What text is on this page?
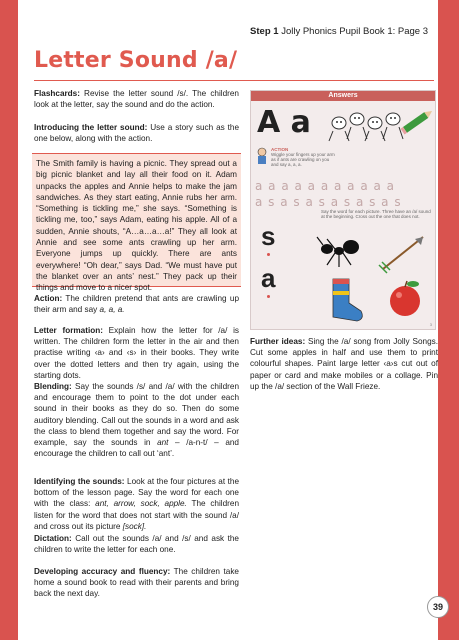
Step 1 Jolly Phonics Pupil Book 1: Page 3
Letter Sound /a/
Flashcards: Revise the letter sound /s/. The children look at the letter, say the sound and do the action.
Introducing the letter sound: Use a story such as the one below, along with the action.
The Smith family is having a picnic. They spread out a big picnic blanket and lay all their food on it. Adam unpacks the apples and Annie helps to make the jam sandwiches. As they start eating, Annie rubs her arm. “Something is tickling me,” she says. “Something is tickling me, too,” says Adam, eating his apple. All of a sudden, Annie shouts, “A…a…a…a!” They all look at Annie and see some ants crawling up her arm. Everyone jumps up quickly. There are ants everywhere! “Oh dear,” says Dad. “We must have put the blanket over an ants’ nest.” They pack up their things and move to a nicer spot.
Action: The children pretend that ants are crawling up their arm and say a, a, a.
Letter formation: Explain how the letter for /a/ is written. The children form the letter in the air and then practise writing ‹a› and ‹s› in their books. They write over the dotted letters and then try again, using the starting dots.
Blending: Say the sounds /s/ and /a/ with the children and encourage them to point to the dot under each sound in their books as they do so. Then do some auditory blending. Call out the sounds in a word and ask the class to blend them together and say the word. For example, say the sounds in ant – /a-n-t/ – and encourage the children to call out ‘ant’.
Identifying the sounds: Look at the four pictures at the bottom of the lesson page. Say the word for each one with the class: ant, arrow, sock, apple. The children listen for the word that does not start with the sound /a/ and cross out its picture [sock].
Dictation: Call out the sounds /a/ and /s/ and ask the children to write the letter for each one.
Developing accuracy and fluency: The children take home a sound book to read with their parents and bring back the next day.
Further ideas: Sing the /a/ song from Jolly Songs. Cut some apples in half and use them to print colourful shapes. Paint large letter ‹a›s cut out of paper or card and make mobiles or a collage. Pin up the /a/ section of the Wall Frieze.
Answers
A a
ACTION
Wiggle your fingers up your arm as if ants are crawling on you and say a, a, a.
a a a a a a a a a a a
a s a s a s a s a s a s
Say the word for each picture. Three have an /a/ sound at the beginning. Cross out the one that does not.
s
a
3
39
